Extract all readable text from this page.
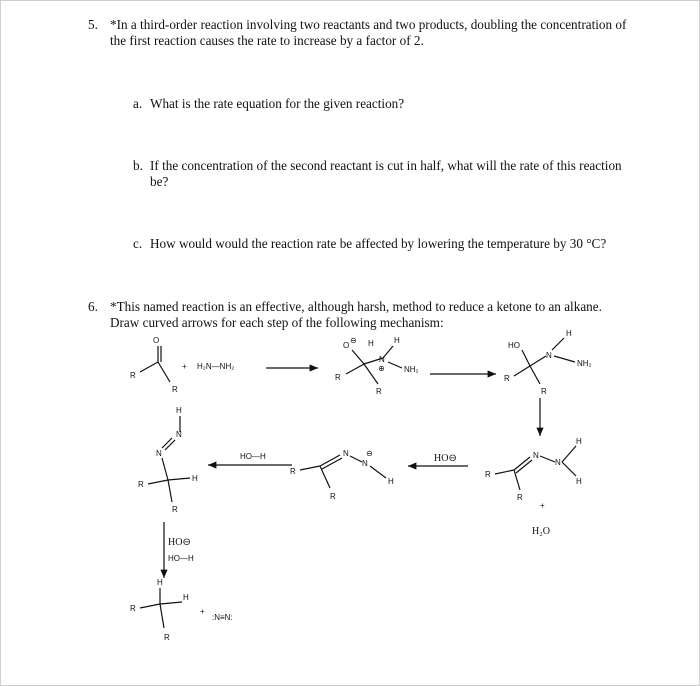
5. *In a third-order reaction involving two reactants and two products, doubling the concentration of
the first reaction causes the rate to increase by a factor of 2.
a. What is the rate equation for the given reaction?
b. If the concentration of the second reactant is cut in half, what will the rate of this reaction
be?
c. How would would the reaction rate be affected by lowering the temperature by 30 °C?
6. *This named reaction is an effective, although harsh, method to reduce a ketone to an alkane.
Draw curved arrows for each step of the following mechanism:
O
R
R
+ H₂N—NH₂
O
⊖ H	H
N
⊕ NH₂
R
R
HO
H
N
NH₂
R
R
N
N
H
H
R
R
+
H₂O
HO⊖
N
N
⊖
H
R
R
HO—H
H
N
N
H
R
R
HO⊖
HO—H
H
H
R
R
+
:N≡N:
